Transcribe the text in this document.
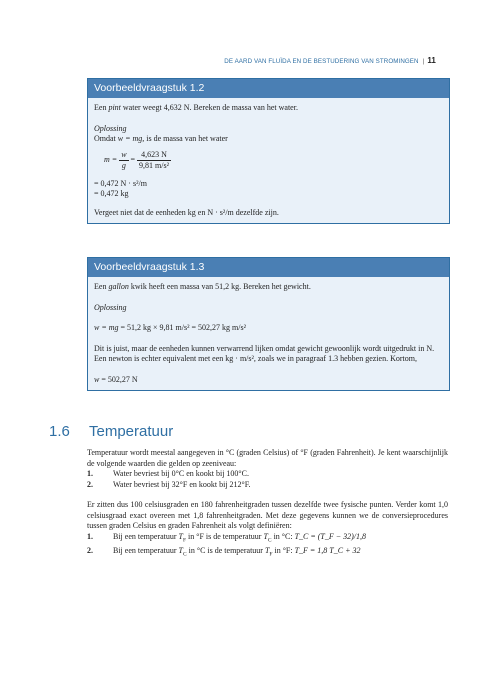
DE AARD VAN FLUÏDA EN DE BESTUDERING VAN STROMINGEN | 11
Voorbeeldvraagstuk 1.2

Een pint water weegt 4,632 N. Bereken de massa van het water.

Oplossing

Omdat w = mg, is de massa van het water

$m = \frac{w}{g} = \frac{4,623 N}{\text{9,81 m/s²}}$

= 0,472 N · s²/m

= 0,472 kg

Vergeet niet dat de eenheden kg en N · s²/m dezelfde zijn.

Voorbeeldvraagstuk 1.3

Een gallon kwik heeft een massa van 51,2 kg. Bereken het gewicht.

Oplossing

w = mg = 51,2 kg × 9,81 m/s² = 502,27 kg m/s²

Dit is juist, maar de eenheden kunnen verwarrend lijken omdat gewicht gewoonlijk wordt uitgedrukt in N. Een newton is echter equivalent met een kg · m/s², zoals we in paragraaf 1.3 hebben gezien. Kortom,

w = 502,27 N

1.6 Temperatuur

Temperatuur wordt meestal aangegeven in °C (graden Celsius) of °F (graden Fahrenheit). Je kent waarschijnlijk de volgende waarden die gelden op zeeniveau:

1.	Water bevriest bij 0°C en kookt bij 100°C.
2.	Water bevriest bij 32°F en kookt bij 212°F.

Er zitten dus 100 celsiusgraden en 180 fahrenheitgraden tussen dezelfde twee fysische punten. Verder komt 1,0 celsiusgraad exact overeen met 1,8 fahrenheitgraden. Met deze gegevens kunnen we de conversieprocedures tussen graden Celsius en graden Fahrenheit als volgt definiëren:

1.	Bij een temperatuur $T_F$ in °F is de temperatuur $T_C$ in °C: T_C = (T_F − 32)/1,8
2.	Bij een temperatuur $T_C$ in °C is de temperatuur $T_F$ in °F: T_F = 1,8 T_C + 32
